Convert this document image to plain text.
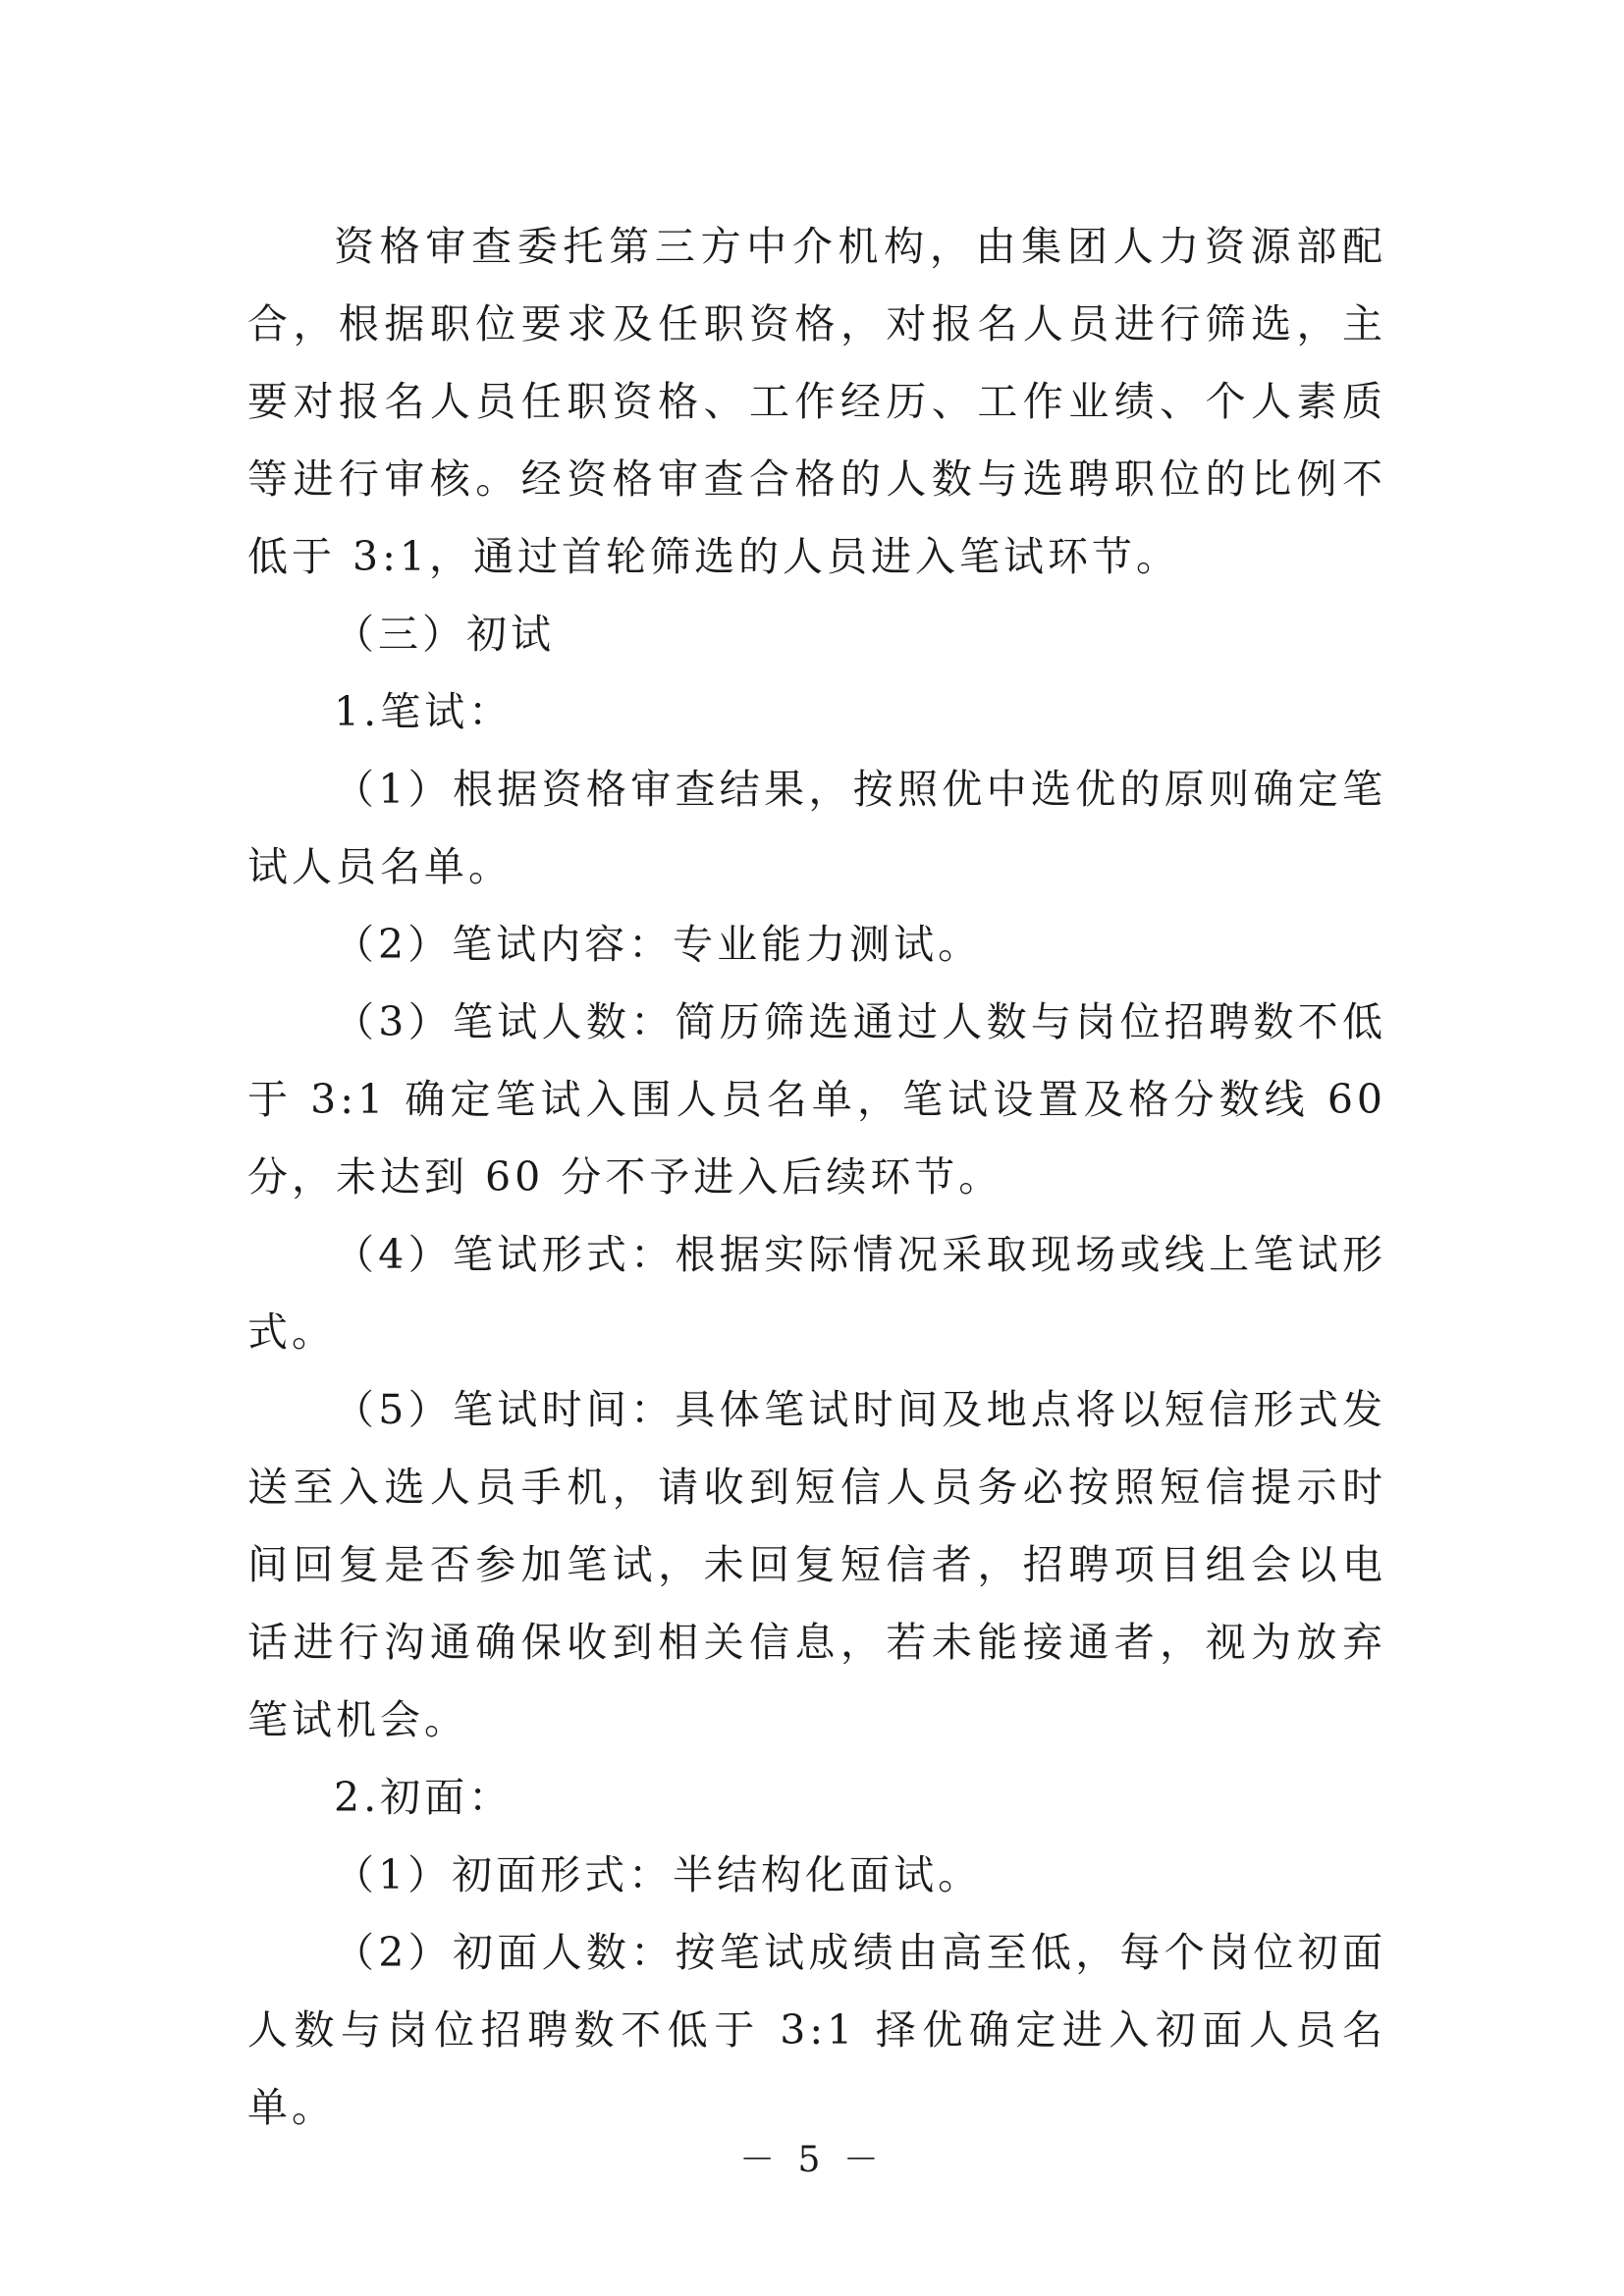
资格审查委托第三方中介机构，由集团人力资源部配合，根据职位要求及任职资格，对报名人员进行筛选，主要对报名人员任职资格、工作经历、工作业绩、个人素质等进行审核。经资格审查合格的人数与选聘职位的比例不低于 3:1，通过首轮筛选的人员进入笔试环节。

（三）初试

1.笔试：

（1）根据资格审查结果，按照优中选优的原则确定笔试人员名单。

（2）笔试内容：专业能力测试。

（3）笔试人数：简历筛选通过人数与岗位招聘数不低于 3:1 确定笔试入围人员名单，笔试设置及格分数线 60 分，未达到 60 分不予进入后续环节。

（4）笔试形式：根据实际情况采取现场或线上笔试形式。

（5）笔试时间：具体笔试时间及地点将以短信形式发送至入选人员手机，请收到短信人员务必按照短信提示时间回复是否参加笔试，未回复短信者，招聘项目组会以电话进行沟通确保收到相关信息，若未能接通者，视为放弃笔试机会。

2.初面：

（1）初面形式：半结构化面试。

（2）初面人数：按笔试成绩由高至低，每个岗位初面人数与岗位招聘数不低于 3:1 择优确定进入初面人员名单。

－ 5 －
